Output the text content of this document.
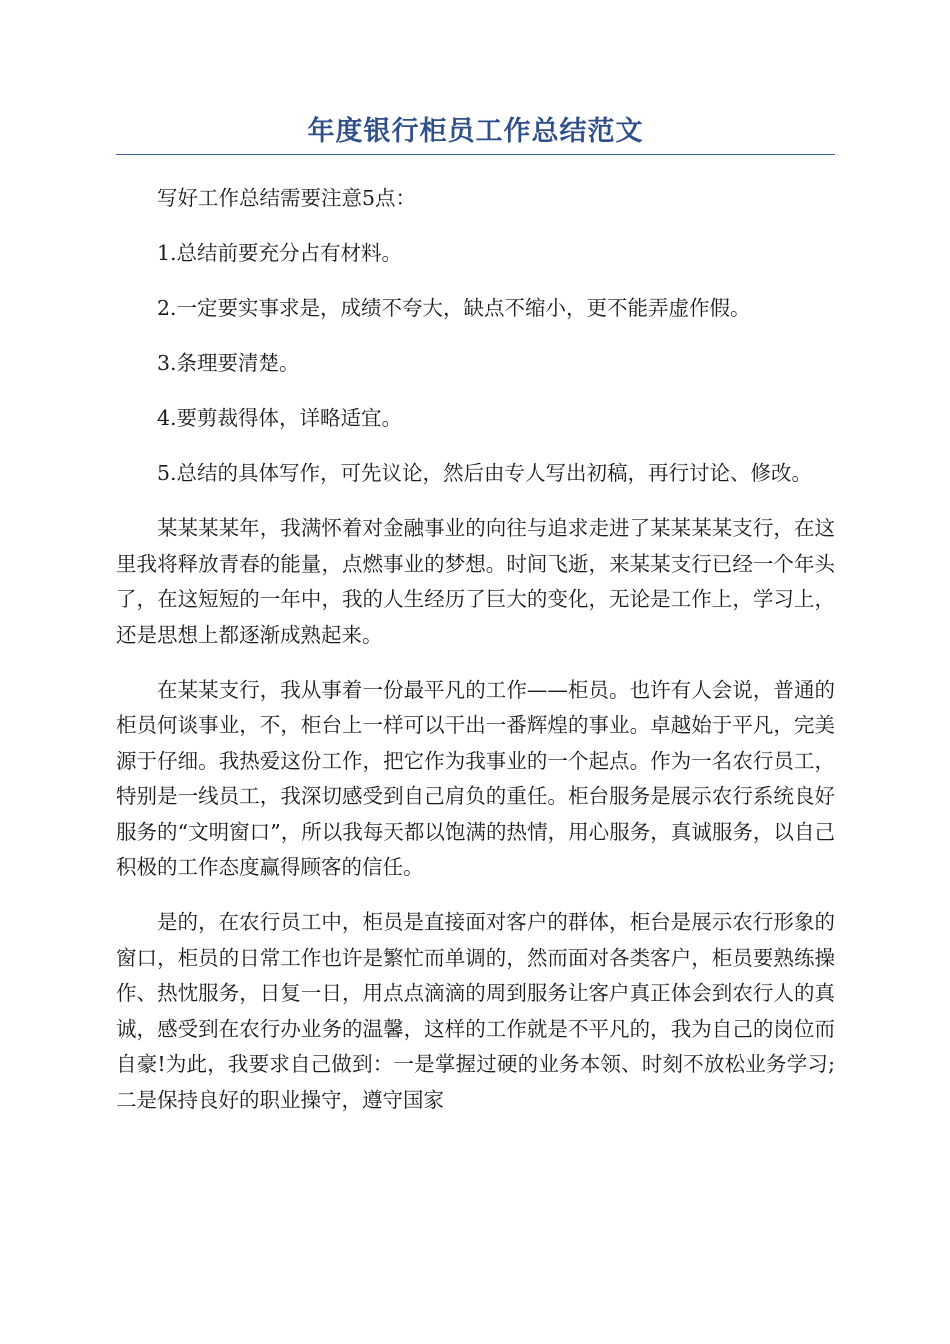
年度银行柜员工作总结范文

写好工作总结需要注意5点：

1.总结前要充分占有材料。

2.一定要实事求是，成绩不夸大，缺点不缩小，更不能弄虚作假。

3.条理要清楚。

4.要剪裁得体，详略适宜。

5.总结的具体写作，可先议论，然后由专人写出初稿，再行讨论、修改。

某某某某年，我满怀着对金融事业的向往与追求走进了某某某某支行，在这里我将释放青春的能量，点燃事业的梦想。时间飞逝，来某某支行已经一个年头了，在这短短的一年中，我的人生经历了巨大的变化，无论是工作上，学习上，还是思想上都逐渐成熟起来。

在某某支行，我从事着一份最平凡的工作——柜员。也许有人会说，普通的柜员何谈事业，不，柜台上一样可以干出一番辉煌的事业。卓越始于平凡，完美源于仔细。我热爱这份工作，把它作为我事业的一个起点。作为一名农行员工，特别是一线员工，我深切感受到自己肩负的重任。柜台服务是展示农行系统良好服务的“文明窗口”，所以我每天都以饱满的热情，用心服务，真诚服务，以自己积极的工作态度赢得顾客的信任。

是的，在农行员工中，柜员是直接面对客户的群体，柜台是展示农行形象的窗口，柜员的日常工作也许是繁忙而单调的，然而面对各类客户，柜员要熟练操作、热忱服务，日复一日，用点点滴滴的周到服务让客户真正体会到农行人的真诚，感受到在农行办业务的温馨，这样的工作就是不平凡的，我为自己的岗位而自豪!为此，我要求自己做到：一是掌握过硬的业务本领、时刻不放松业务学习;二是保持良好的职业操守，遵守国家
